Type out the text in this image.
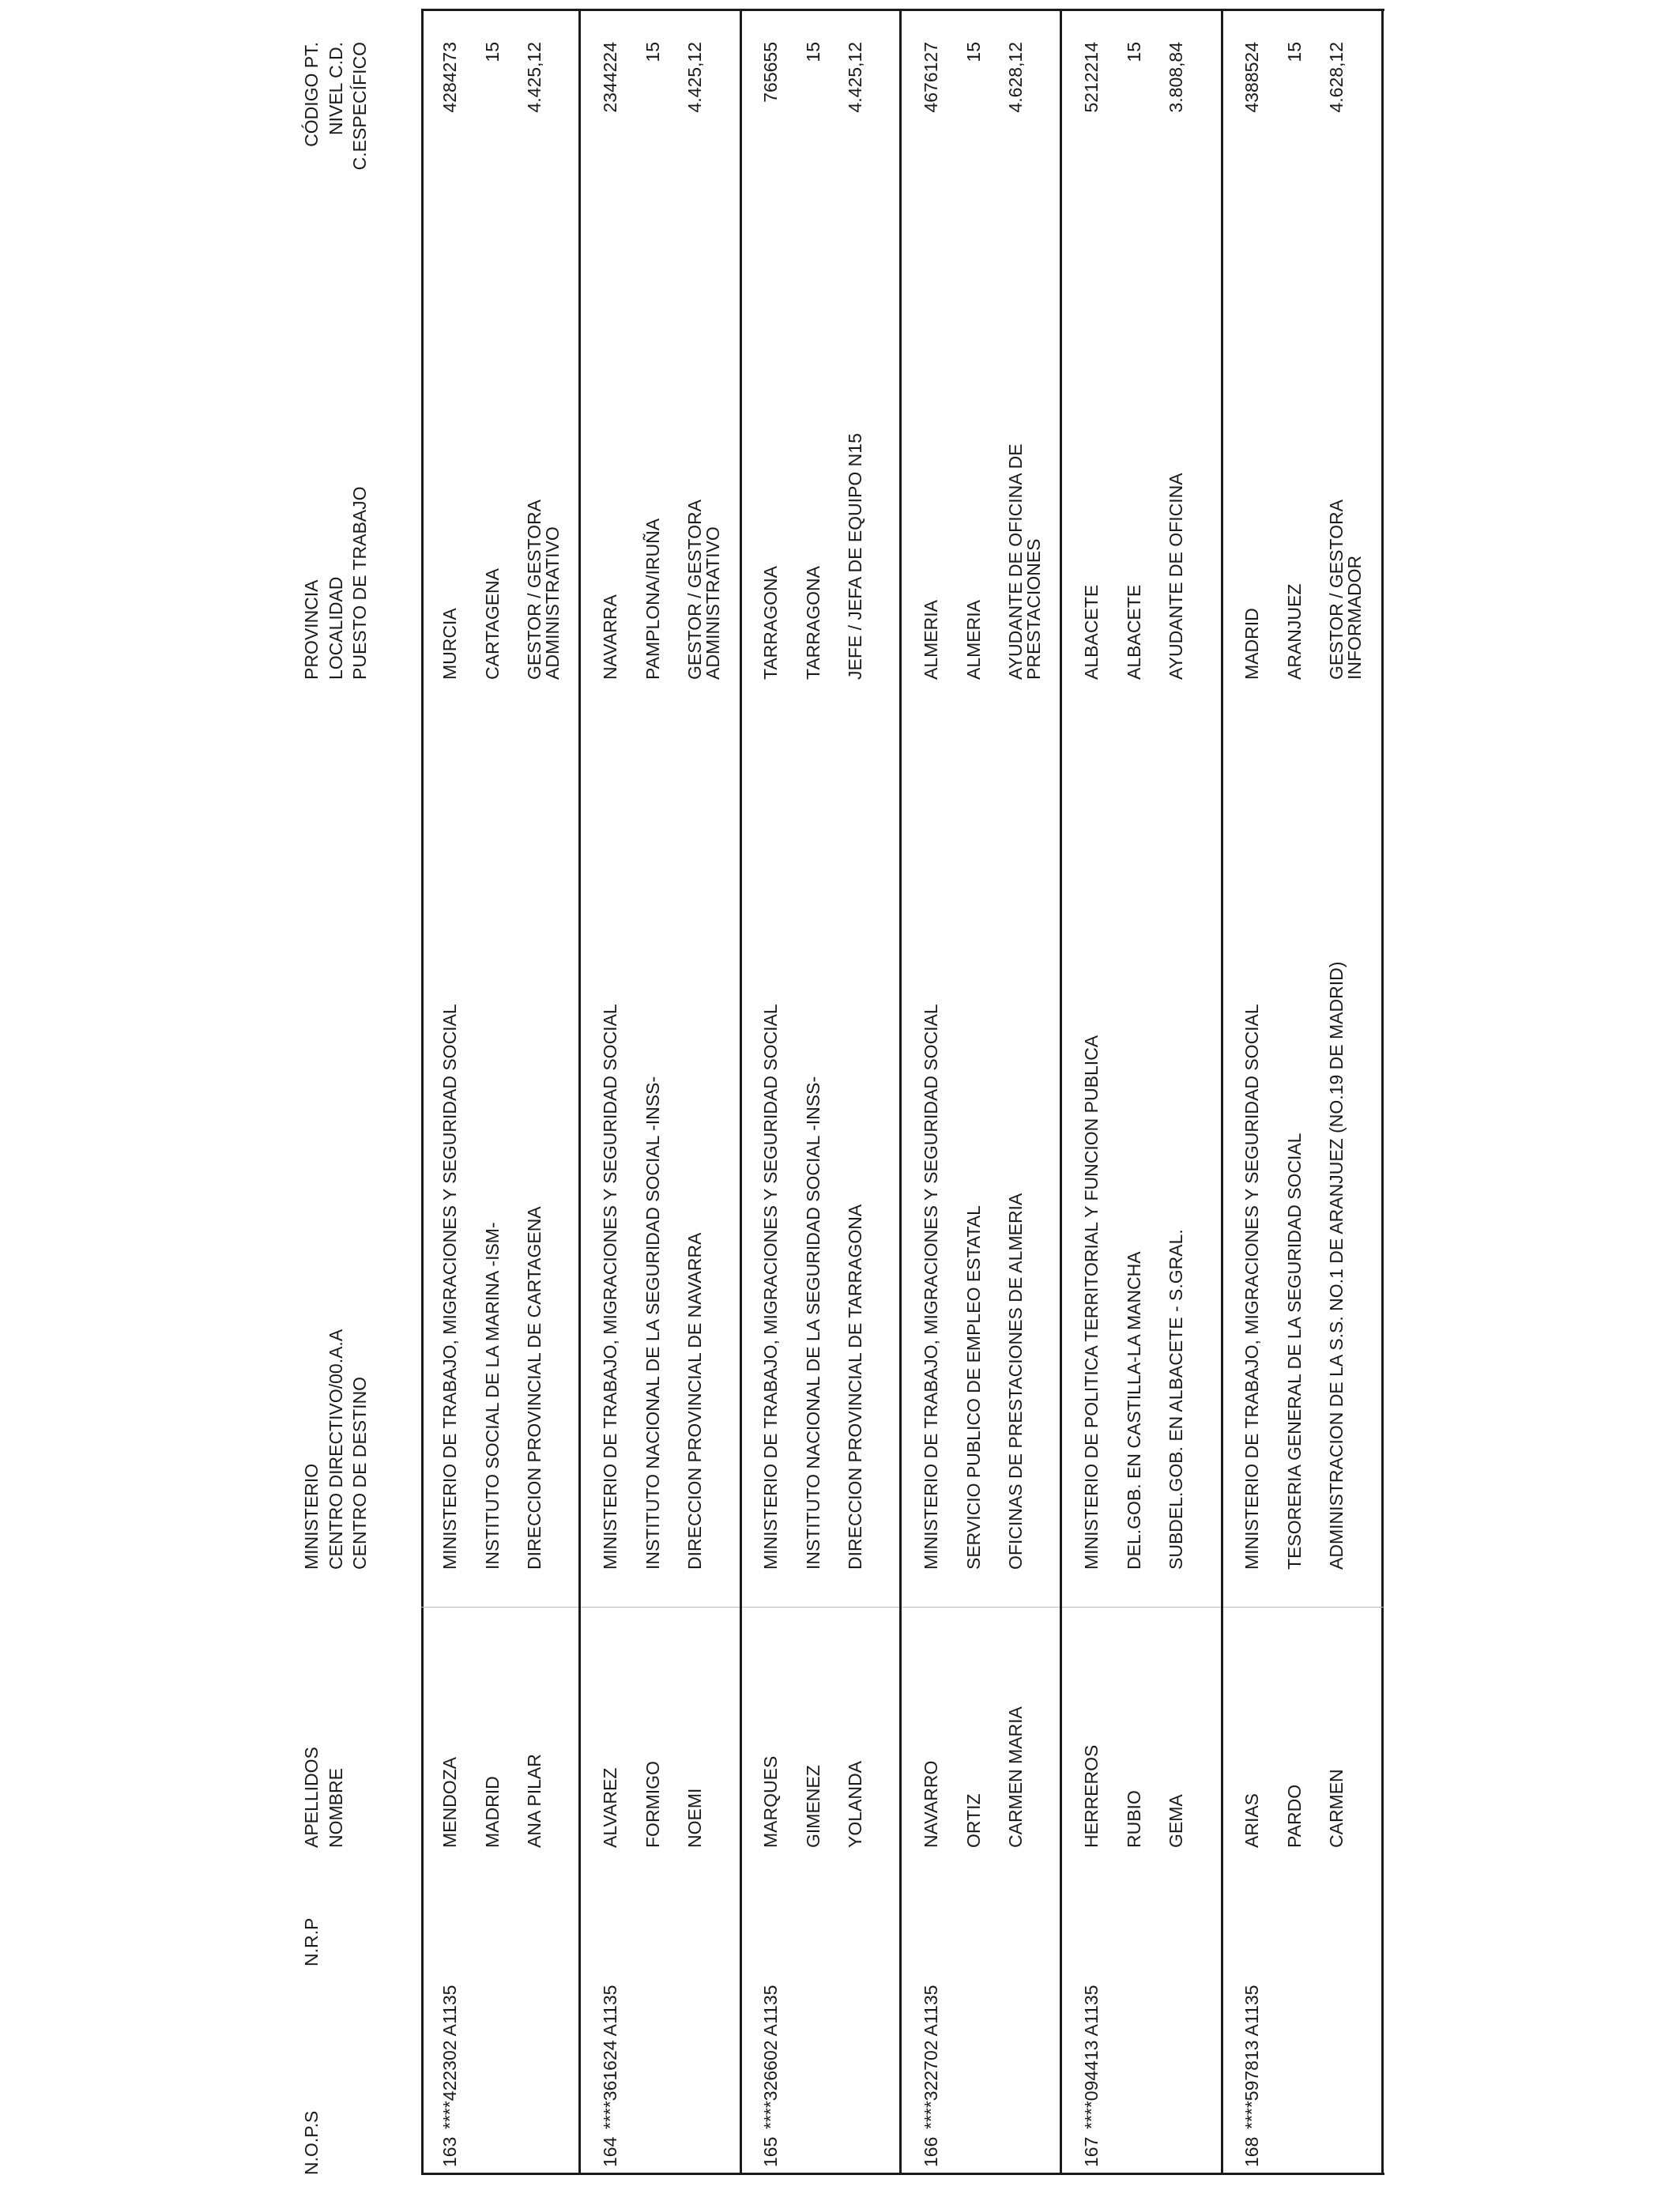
N.O.P.S
N.R.P
APELLIDOS NOMBRE
MINISTERIO CENTRO DIRECTIVO/00.A.A CENTRO DE DESTINO
PROVINCIA LOCALIDAD PUESTO DE TRABAJO
CÓDIGO PT. NIVEL C.D. C.ESPECÍFICO
163
****422302 A1135
MENDOZA MADRID ANA PILAR
MINISTERIO DE TRABAJO, MIGRACIONES Y SEGURIDAD SOCIAL INSTITUTO SOCIAL DE LA MARINA -ISM- DIRECCION PROVINCIAL DE CARTAGENA
MURCIA CARTAGENA GESTOR / GESTORA
ADMINISTRATIVO
4284273 15 4.425,12
164
****361624 A1135
ALVAREZ FORMIGO NOEMI
MINISTERIO DE TRABAJO, MIGRACIONES Y SEGURIDAD SOCIAL INSTITUTO NACIONAL DE LA SEGURIDAD SOCIAL -INSS- DIRECCION PROVINCIAL DE NAVARRA
NAVARRA PAMPLONA/IRUÑA GESTOR / GESTORA
ADMINISTRATIVO
2344224 15 4.425,12
165
****326602 A1135
MARQUES GIMENEZ YOLANDA
MINISTERIO DE TRABAJO, MIGRACIONES Y SEGURIDAD SOCIAL INSTITUTO NACIONAL DE LA SEGURIDAD SOCIAL -INSS- DIRECCION PROVINCIAL DE TARRAGONA
TARRAGONA TARRAGONA JEFE / JEFA DE EQUIPO N15
765655 15 4.425,12
166
****322702 A1135
NAVARRO ORTIZ CARMEN MARIA
MINISTERIO DE TRABAJO, MIGRACIONES Y SEGURIDAD SOCIAL SERVICIO PUBLICO DE EMPLEO ESTATAL OFICINAS DE PRESTACIONES DE ALMERIA
ALMERIA ALMERIA AYUDANTE DE OFICINA DE
PRESTACIONES
4676127 15 4.628,12
167
****094413 A1135
HERREROS RUBIO GEMA
MINISTERIO DE POLITICA TERRITORIAL Y FUNCION PUBLICA DEL.GOB. EN CASTILLA-LA MANCHA SUBDEL.GOB. EN ALBACETE - S.GRAL.
ALBACETE ALBACETE AYUDANTE DE OFICINA
5212214 15 3.808,84
168
****597813 A1135
ARIAS PARDO CARMEN
MINISTERIO DE TRABAJO, MIGRACIONES Y SEGURIDAD SOCIAL TESORERIA GENERAL DE LA SEGURIDAD SOCIAL ADMINISTRACION DE LA S.S. NO.1 DE ARANJUEZ (NO.19 DE MADRID)
MADRID ARANJUEZ GESTOR / GESTORA
INFORMADOR
4388524 15 4.628,12
